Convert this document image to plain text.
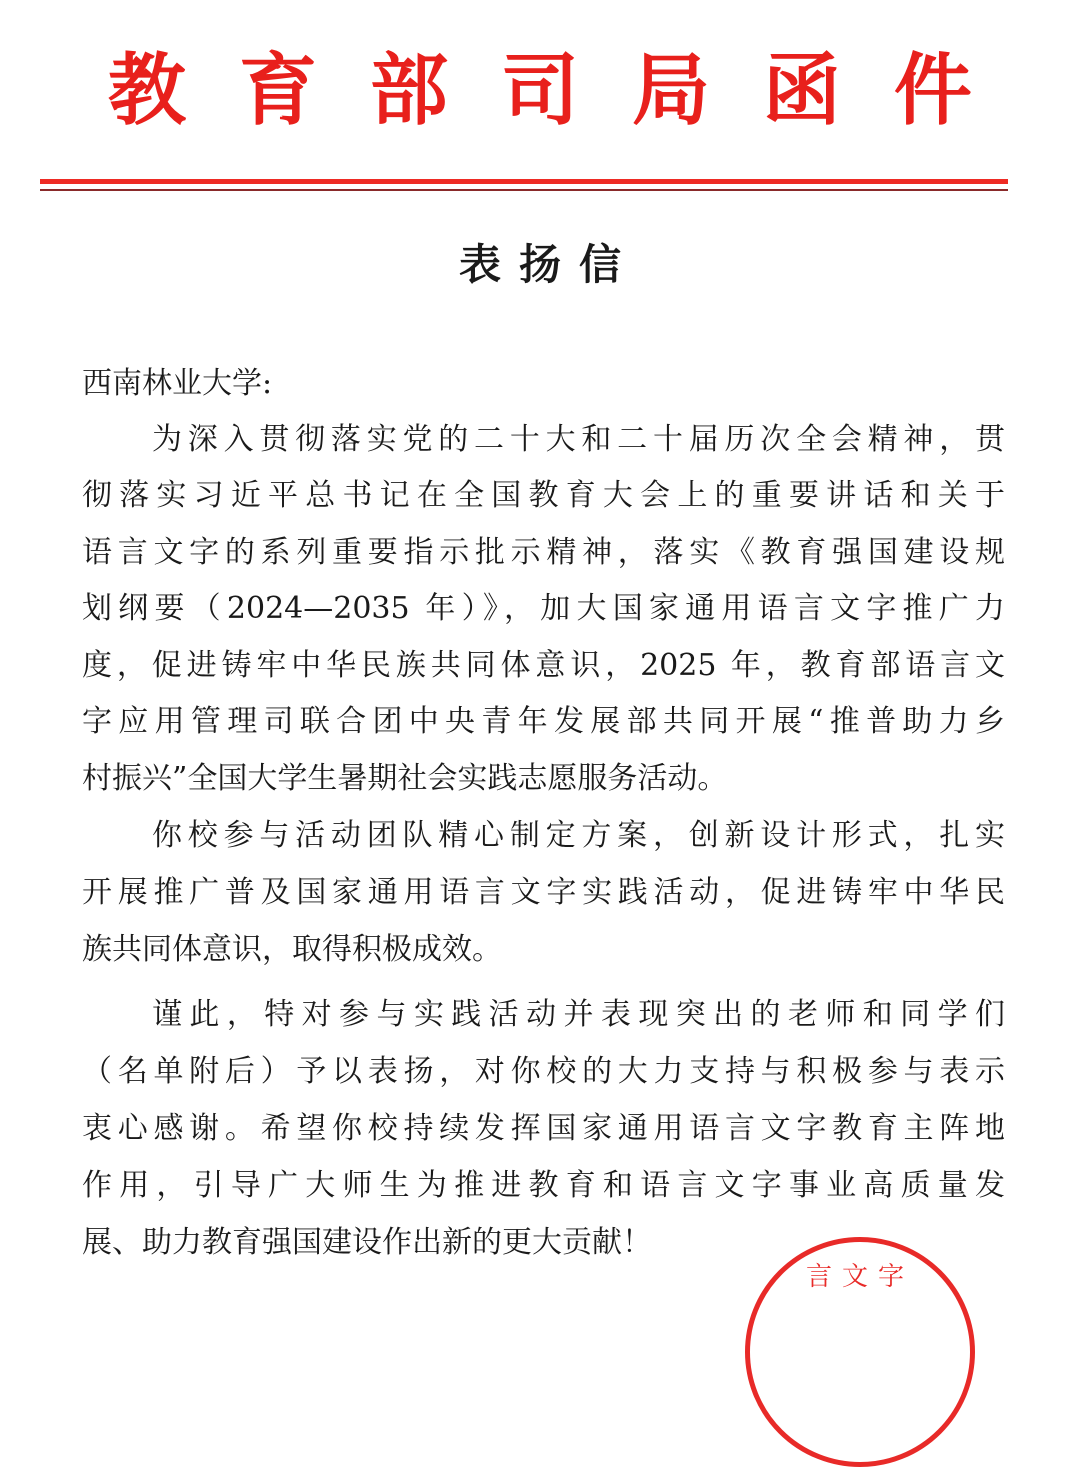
教 育 部 司 局 函 件
表扬信
西南林业大学:
为深入贯彻落实党的二十大和二十届历次全会精神，贯
彻落实习近平总书记在全国教育大会上的重要讲话和关于
语言文字的系列重要指示批示精神，落实《教育强国建设规
划纲要（2024—2035 年）》，加大国家通用语言文字推广力
度，促进铸牢中华民族共同体意识，2025 年，教育部语言文
字应用管理司联合团中央青年发展部共同开展“推普助力乡
村振兴”全国大学生暑期社会实践志愿服务活动。
你校参与活动团队精心制定方案，创新设计形式，扎实
开展推广普及国家通用语言文字实践活动，促进铸牢中华民
族共同体意识，取得积极成效。
谨此，特对参与实践活动并表现突出的老师和同学们
（名单附后）予以表扬，对你校的大力支持与积极参与表示
衷心感谢。希望你校持续发挥国家通用语言文字教育主阵地
作用，引导广大师生为推进教育和语言文字事业高质量发
展、助力教育强国建设作出新的更大贡献！
言文字
